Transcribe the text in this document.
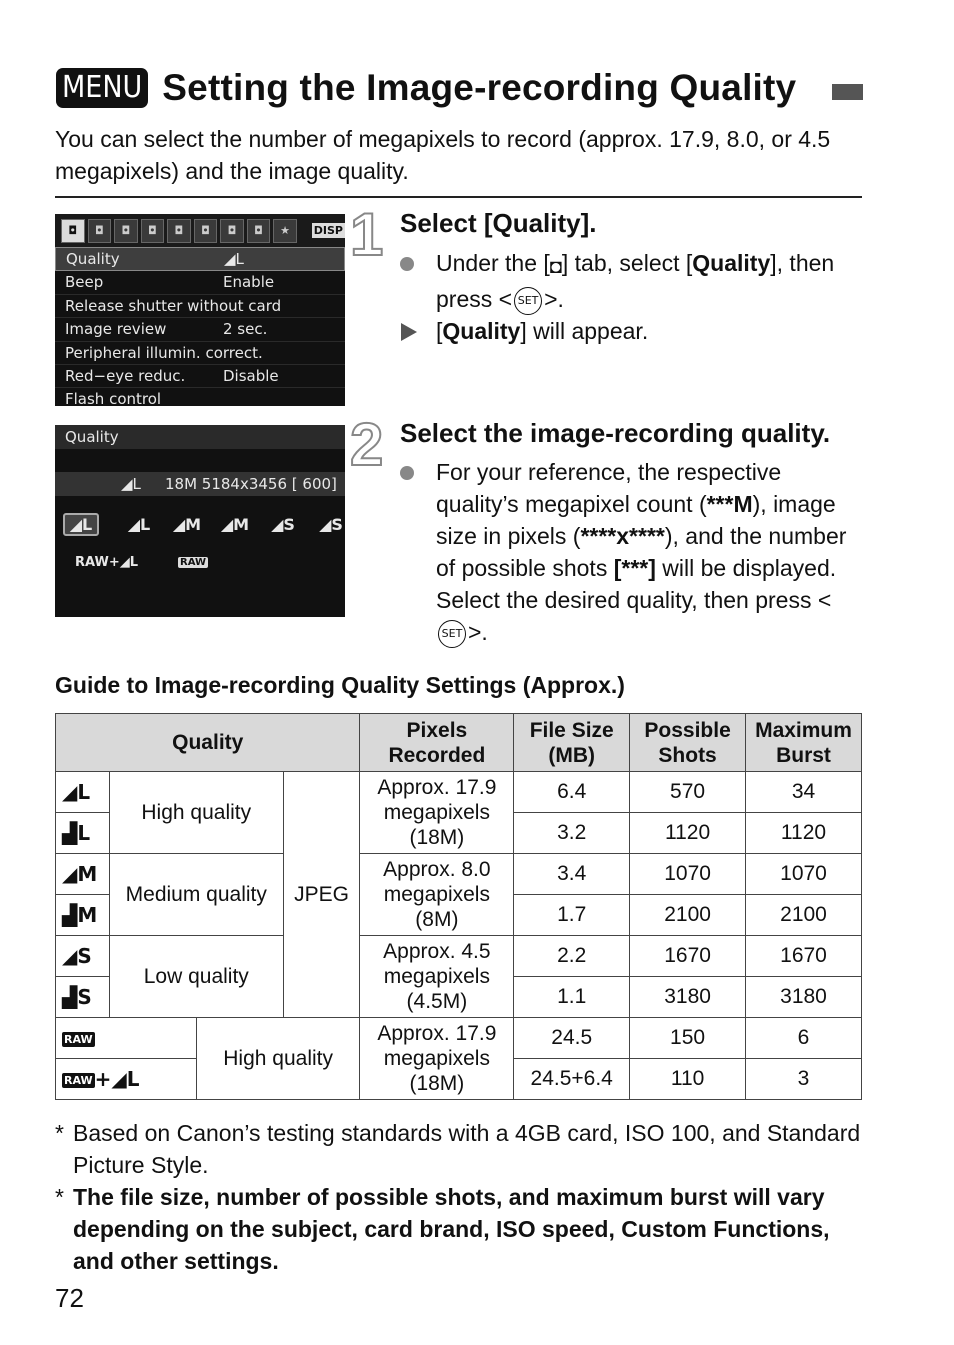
MENU Setting the Image-recording Quality
You can select the number of megapixels to record (approx. 17.9, 8.0, or 4.5 megapixels) and the image quality.
◘	◘	◘	◘	◘	◘	◘	◘	★	DISP
Quality	◢L
Beep	Enable
Release shutter without card
Image review	2 sec.
Peripheral illumin. correct.
Red−eye reduc.	Disable
Flash control
Quality
◢L 18M 5184x3456 [ 600]
◢L	◢L	◢M	◢M	◢S	◢S
RAW+◢L	RAW
1 Select [Quality].
Under the [◘] tab, select [Quality], then press < SET >.
[Quality] will appear.
2 Select the image-recording quality.
For your reference, the respective quality’s megapixel count (***M), image size in pixels (****x****), and the number of possible shots [***] will be displayed. Select the desired quality, then press <SET >.
Guide to Image-recording Quality Settings (Approx.)
Quality				Pixels Recorded	File Size (MB)	Possible Shots	Maximum Burst
◢L	High quality		JPEG	Approx. 17.9 megapixels (18M)	6.4	570	34
▟L					3.2	1120	1120
◢M	Medium quality			Approx. 8.0 megapixels (8M)	3.4	1070	1070
▟M					1.7	2100	2100
◢S	Low quality			Approx. 4.5 megapixels (4.5M)	2.2	1670	1670
▟S					1.1	3180	3180
RAW		High quality		Approx. 17.9 megapixels (18M)	24.5	150	6
RAW +◢L					24.5+6.4	110	3
* Based on Canon’s testing standards with a 4GB card, ISO 100, and Standard Picture Style.
* The file size, number of possible shots, and maximum burst will vary depending on the subject, card brand, ISO speed, Custom Functions, and other settings.
72
